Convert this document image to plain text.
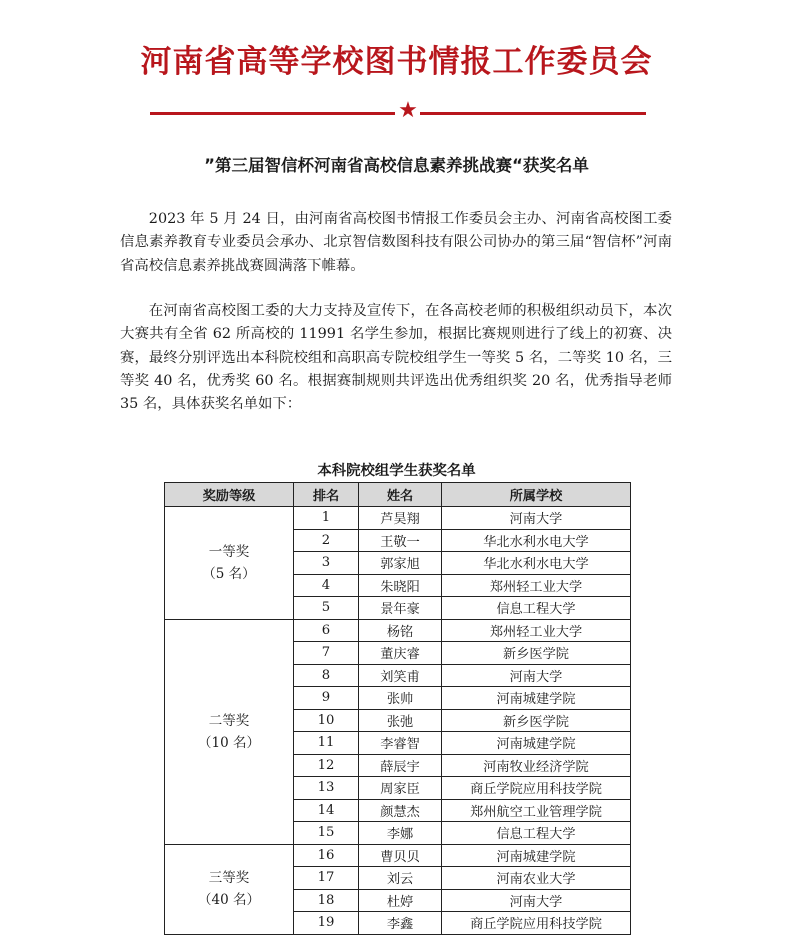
河南省高等学校图书情报工作委员会
★
”第三届智信杯河南省高校信息素养挑战赛“获奖名单

2023 年 5 月 24 日，由河南省高校图书情报工作委员会主办、河南省高校图工委信息素养教育专业委员会承办、北京智信数图科技有限公司协办的第三届“智信杯”河南省高校信息素养挑战赛圆满落下帷幕。

在河南省高校图工委的大力支持及宣传下，在各高校老师的积极组织动员下，本次大赛共有全省 62 所高校的 11991 名学生参加，根据比赛规则进行了线上的初赛、决赛，最终分别评选出本科院校组和高职高专院校组学生一等奖 5 名，二等奖 10 名，三等奖 40 名，优秀奖 60 名。根据赛制规则共评选出优秀组织奖 20 名，优秀指导老师 35 名，具体获奖名单如下：

本科院校组学生获奖名单
奖励等级	排名	姓名	所属学校

一等奖
（5 名）	1	芦昊翔	河南大学
	2	王敬一	华北水利水电大学
	3	郭家旭	华北水利水电大学
	4	朱晓阳	郑州轻工业大学
	5	景年豪	信息工程大学

二等奖
（10 名）	6	杨铭	郑州轻工业大学
	7	董庆睿	新乡医学院
	8	刘笑甫	河南大学
	9	张帅	河南城建学院
	10	张弛	新乡医学院
	11	李睿智	河南城建学院
	12	薛辰宇	河南牧业经济学院
	13	周家臣	商丘学院应用科技学院
	14	颜慧杰	郑州航空工业管理学院
	15	李娜	信息工程大学

三等奖
（40 名）	16	曹贝贝	河南城建学院
	17	刘云	河南农业大学
	18	杜婷	河南大学
	19	李鑫	商丘学院应用科技学院
